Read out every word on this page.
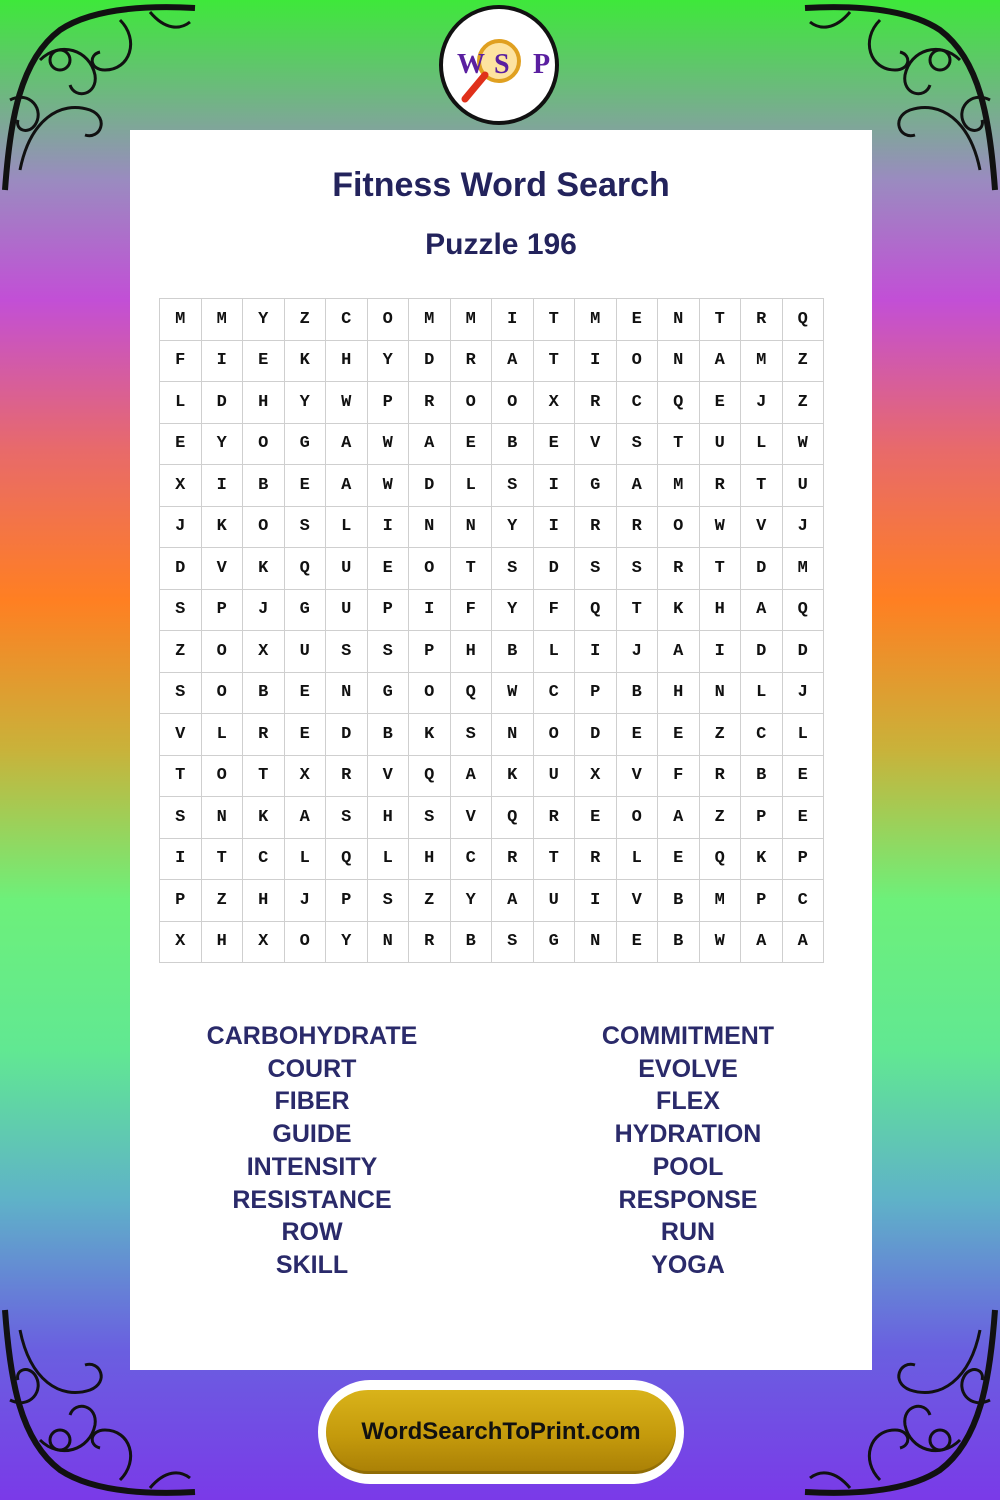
Fitness Word Search
Puzzle 196
M	M	Y	Z	C	O	M	M	I	T	M	E	N	T	R	Q
F	I	E	K	H	Y	D	R	A	T	I	O	N	A	M	Z
L	D	H	Y	W	P	R	O	O	X	R	C	Q	E	J	Z
E	Y	O	G	A	W	A	E	B	E	V	S	T	U	L	W
X	I	B	E	A	W	D	L	S	I	G	A	M	R	T	U
J	K	O	S	L	I	N	N	Y	I	R	R	O	W	V	J
D	V	K	Q	U	E	O	T	S	D	S	S	R	T	D	M
S	P	J	G	U	P	I	F	Y	F	Q	T	K	H	A	Q
Z	O	X	U	S	S	P	H	B	L	I	J	A	I	D	D
S	O	B	E	N	G	O	Q	W	C	P	B	H	N	L	J
V	L	R	E	D	B	K	S	N	O	D	E	E	Z	C	L
T	O	T	X	R	V	Q	A	K	U	X	V	F	R	B	E
S	N	K	A	S	H	S	V	Q	R	E	O	A	Z	P	E
I	T	C	L	Q	L	H	C	R	T	R	L	E	Q	K	P
P	Z	H	J	P	S	Z	Y	A	U	I	V	B	M	P	C
X	H	X	O	Y	N	R	B	S	G	N	E	B	W	A	A
CARBOHYDRATE
COURT
FIBER
GUIDE
INTENSITY
RESISTANCE
ROW
SKILL
COMMITMENT
EVOLVE
FLEX
HYDRATION
POOL
RESPONSE
RUN
YOGA
W S P
WordSearchToPrint.com
